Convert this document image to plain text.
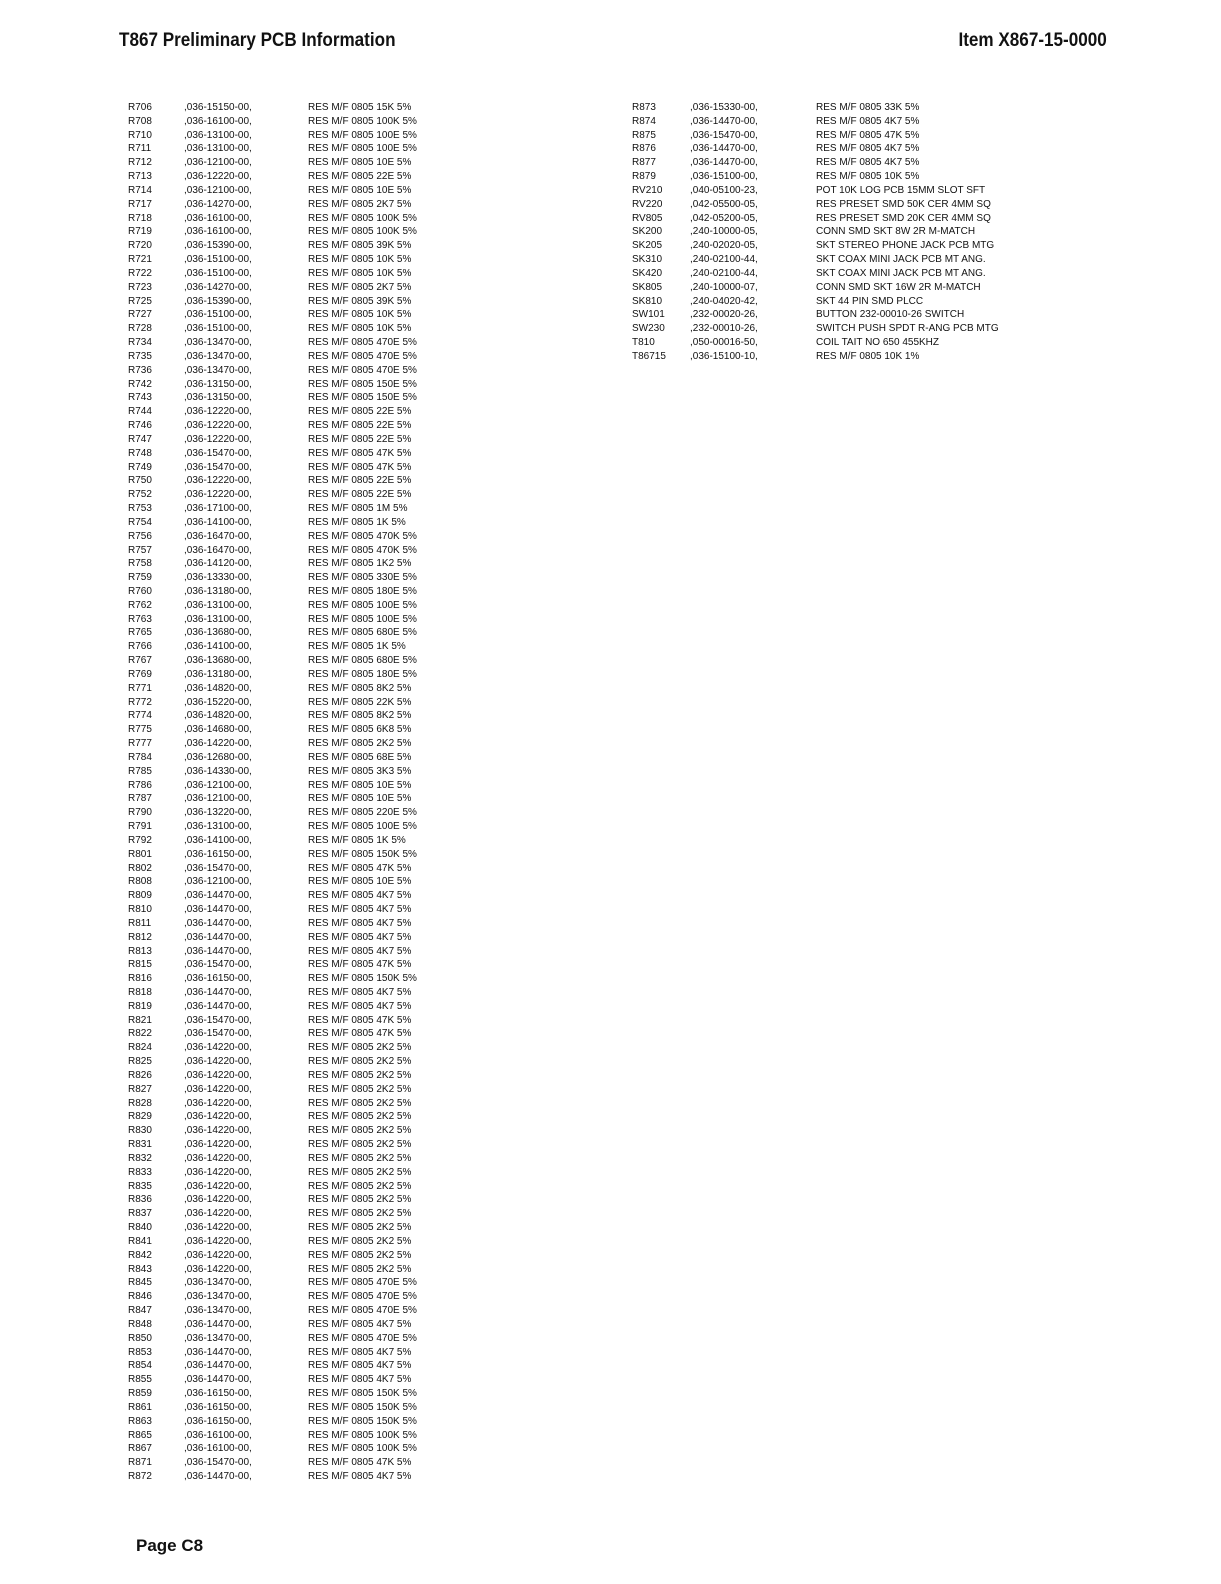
T867 Preliminary PCB Information	Item X867-15-0000
R706	,036-15150-00,	RES M/F 0805 15K 5%
R708	,036-16100-00,	RES M/F 0805 100K 5%
R710	,036-13100-00,	RES M/F 0805 100E 5%
R711	,036-13100-00,	RES M/F 0805 100E 5%
R712	,036-12100-00,	RES M/F 0805 10E 5%
R713	,036-12220-00,	RES M/F 0805 22E 5%
R714	,036-12100-00,	RES M/F 0805 10E 5%
R717	,036-14270-00,	RES M/F 0805 2K7 5%
R718	,036-16100-00,	RES M/F 0805 100K 5%
R719	,036-16100-00,	RES M/F 0805 100K 5%
R720	,036-15390-00,	RES M/F 0805 39K 5%
R721	,036-15100-00,	RES M/F 0805 10K 5%
R722	,036-15100-00,	RES M/F 0805 10K 5%
R723	,036-14270-00,	RES M/F 0805 2K7 5%
R725	,036-15390-00,	RES M/F 0805 39K 5%
R727	,036-15100-00,	RES M/F 0805 10K 5%
R728	,036-15100-00,	RES M/F 0805 10K 5%
R734	,036-13470-00,	RES M/F 0805 470E 5%
R735	,036-13470-00,	RES M/F 0805 470E 5%
R736	,036-13470-00,	RES M/F 0805 470E 5%
R742	,036-13150-00,	RES M/F 0805 150E 5%
R743	,036-13150-00,	RES M/F 0805 150E 5%
R744	,036-12220-00,	RES M/F 0805 22E 5%
R746	,036-12220-00,	RES M/F 0805 22E 5%
R747	,036-12220-00,	RES M/F 0805 22E 5%
R748	,036-15470-00,	RES M/F 0805 47K 5%
R749	,036-15470-00,	RES M/F 0805 47K 5%
R750	,036-12220-00,	RES M/F 0805 22E 5%
R752	,036-12220-00,	RES M/F 0805 22E 5%
R753	,036-17100-00,	RES M/F 0805 1M 5%
R754	,036-14100-00,	RES M/F 0805 1K 5%
R756	,036-16470-00,	RES M/F 0805 470K 5%
R757	,036-16470-00,	RES M/F 0805 470K 5%
R758	,036-14120-00,	RES M/F 0805 1K2 5%
R759	,036-13330-00,	RES M/F 0805 330E 5%
R760	,036-13180-00,	RES M/F 0805 180E 5%
R762	,036-13100-00,	RES M/F 0805 100E 5%
R763	,036-13100-00,	RES M/F 0805 100E 5%
R765	,036-13680-00,	RES M/F 0805 680E 5%
R766	,036-14100-00,	RES M/F 0805 1K 5%
R767	,036-13680-00,	RES M/F 0805 680E 5%
R769	,036-13180-00,	RES M/F 0805 180E 5%
R771	,036-14820-00,	RES M/F 0805 8K2 5%
R772	,036-15220-00,	RES M/F 0805 22K 5%
R774	,036-14820-00,	RES M/F 0805 8K2 5%
R775	,036-14680-00,	RES M/F 0805 6K8 5%
R777	,036-14220-00,	RES M/F 0805 2K2 5%
R784	,036-12680-00,	RES M/F 0805 68E 5%
R785	,036-14330-00,	RES M/F 0805 3K3 5%
R786	,036-12100-00,	RES M/F 0805 10E 5%
R787	,036-12100-00,	RES M/F 0805 10E 5%
R790	,036-13220-00,	RES M/F 0805 220E 5%
R791	,036-13100-00,	RES M/F 0805 100E 5%
R792	,036-14100-00,	RES M/F 0805 1K 5%
R801	,036-16150-00,	RES M/F 0805 150K 5%
R802	,036-15470-00,	RES M/F 0805 47K 5%
R808	,036-12100-00,	RES M/F 0805 10E 5%
R809	,036-14470-00,	RES M/F 0805 4K7 5%
R810	,036-14470-00,	RES M/F 0805 4K7 5%
R811	,036-14470-00,	RES M/F 0805 4K7 5%
R812	,036-14470-00,	RES M/F 0805 4K7 5%
R813	,036-14470-00,	RES M/F 0805 4K7 5%
R815	,036-15470-00,	RES M/F 0805 47K 5%
R816	,036-16150-00,	RES M/F 0805 150K 5%
R818	,036-14470-00,	RES M/F 0805 4K7 5%
R819	,036-14470-00,	RES M/F 0805 4K7 5%
R821	,036-15470-00,	RES M/F 0805 47K 5%
R822	,036-15470-00,	RES M/F 0805 47K 5%
R824	,036-14220-00,	RES M/F 0805 2K2 5%
R825	,036-14220-00,	RES M/F 0805 2K2 5%
R826	,036-14220-00,	RES M/F 0805 2K2 5%
R827	,036-14220-00,	RES M/F 0805 2K2 5%
R828	,036-14220-00,	RES M/F 0805 2K2 5%
R829	,036-14220-00,	RES M/F 0805 2K2 5%
R830	,036-14220-00,	RES M/F 0805 2K2 5%
R831	,036-14220-00,	RES M/F 0805 2K2 5%
R832	,036-14220-00,	RES M/F 0805 2K2 5%
R833	,036-14220-00,	RES M/F 0805 2K2 5%
R835	,036-14220-00,	RES M/F 0805 2K2 5%
R836	,036-14220-00,	RES M/F 0805 2K2 5%
R837	,036-14220-00,	RES M/F 0805 2K2 5%
R840	,036-14220-00,	RES M/F 0805 2K2 5%
R841	,036-14220-00,	RES M/F 0805 2K2 5%
R842	,036-14220-00,	RES M/F 0805 2K2 5%
R843	,036-14220-00,	RES M/F 0805 2K2 5%
R845	,036-13470-00,	RES M/F 0805 470E 5%
R846	,036-13470-00,	RES M/F 0805 470E 5%
R847	,036-13470-00,	RES M/F 0805 470E 5%
R848	,036-14470-00,	RES M/F 0805 4K7 5%
R850	,036-13470-00,	RES M/F 0805 470E 5%
R853	,036-14470-00,	RES M/F 0805 4K7 5%
R854	,036-14470-00,	RES M/F 0805 4K7 5%
R855	,036-14470-00,	RES M/F 0805 4K7 5%
R859	,036-16150-00,	RES M/F 0805 150K 5%
R861	,036-16150-00,	RES M/F 0805 150K 5%
R863	,036-16150-00,	RES M/F 0805 150K 5%
R865	,036-16100-00,	RES M/F 0805 100K 5%
R867	,036-16100-00,	RES M/F 0805 100K 5%
R871	,036-15470-00,	RES M/F 0805 47K 5%
R872	,036-14470-00,	RES M/F 0805 4K7 5%
R873	,036-15330-00,	RES M/F 0805 33K 5%
R874	,036-14470-00,	RES M/F 0805 4K7 5%
R875	,036-15470-00,	RES M/F 0805 47K 5%
R876	,036-14470-00,	RES M/F 0805 4K7 5%
R877	,036-14470-00,	RES M/F 0805 4K7 5%
R879	,036-15100-00,	RES M/F 0805 10K 5%
RV210	,040-05100-23,	POT 10K LOG PCB 15MM SLOT SFT
RV220	,042-05500-05,	RES PRESET SMD 50K CER 4MM SQ
RV805	,042-05200-05,	RES PRESET SMD 20K CER 4MM SQ
SK200	,240-10000-05,	CONN SMD SKT 8W 2R M-MATCH
SK205	,240-02020-05,	SKT STEREO PHONE JACK PCB MTG
SK310	,240-02100-44,	SKT COAX MINI JACK PCB MT ANG.
SK420	,240-02100-44,	SKT COAX MINI JACK PCB MT ANG.
SK805	,240-10000-07,	CONN SMD SKT 16W 2R M-MATCH
SK810	,240-04020-42,	SKT 44 PIN SMD PLCC
SW101	,232-00020-26,	BUTTON 232-00010-26 SWITCH
SW230	,232-00010-26,	SWITCH PUSH SPDT R-ANG PCB MTG
T810	,050-00016-50,	COIL TAIT NO 650 455KHZ
T86715	,036-15100-10,	RES M/F 0805 10K 1%
Page C8
